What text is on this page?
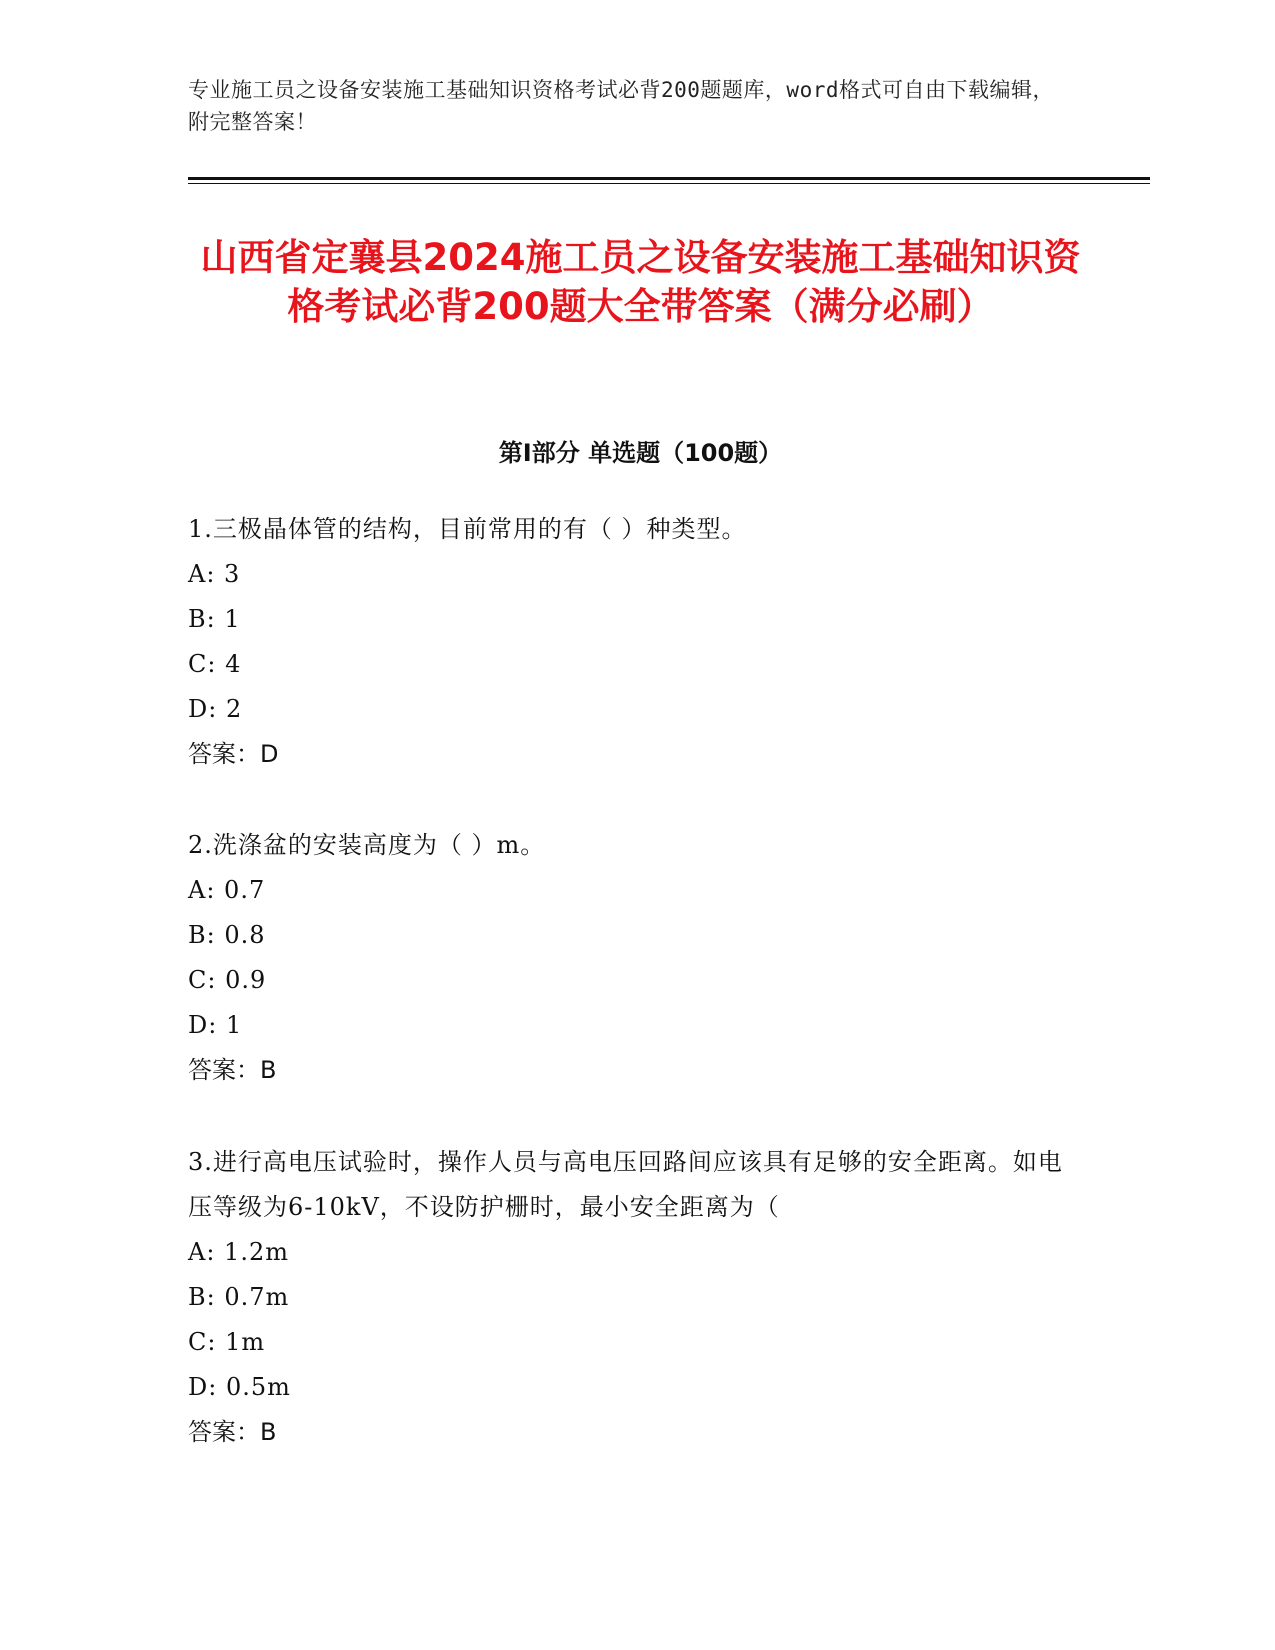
专业施工员之设备安装施工基础知识资格考试必背200题题库，word格式可自由下载编辑，附完整答案！
山西省定襄县2024施工员之设备安装施工基础知识资格考试必背200题大全带答案（满分必刷）
第Ⅰ部分 单选题（100题）
1.三极晶体管的结构，目前常用的有（ ）种类型。
A: 3
B: 1
C: 4
D: 2
答案：D
2.洗涤盆的安装高度为（ ）m。
A: 0.7
B: 0.8
C: 0.9
D: 1
答案：B
3.进行高电压试验时，操作人员与高电压回路间应该具有足够的安全距离。如电压等级为6-10kV，不设防护栅时，最小安全距离为（
A: 1.2m
B: 0.7m
C: 1m
D: 0.5m
答案：B
